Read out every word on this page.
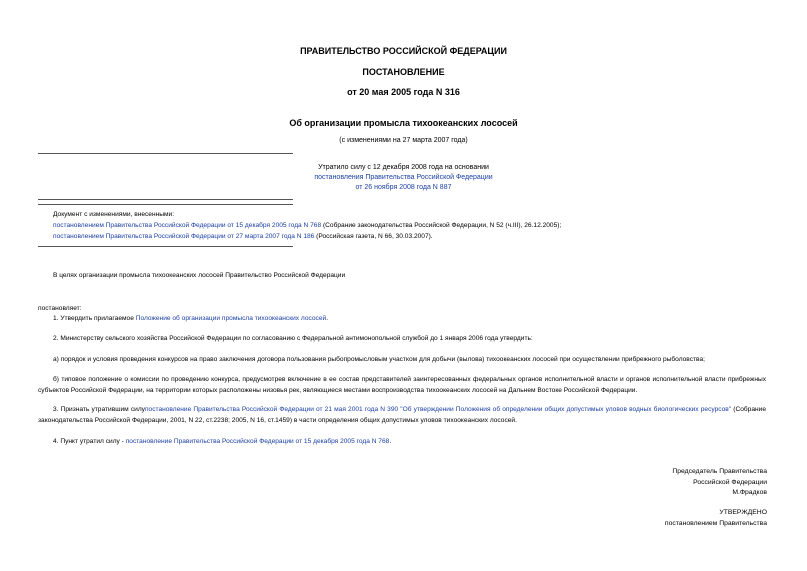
ПРАВИТЕЛЬСТВО РОССИЙСКОЙ ФЕДЕРАЦИИ
ПОСТАНОВЛЕНИЕ
от 20 мая 2005 года N 316
Об организации промысла тихоокеанских лососей
(с изменениями на 27 марта 2007 года)
Утратило силу с 12 декабря 2008 года на основании
постановления Правительства Российской Федерации
от 26 ноября 2008 года N 887
Документ с изменениями, внесенными:
постановлением Правительства Российской Федерации от 15 декабря 2005 года N 768 (Собрание законодательства Российской Федерации, N 52 (ч.III), 26.12.2005);
постановлением Правительства Российской Федерации от 27 марта 2007 года N 186 (Российская газета, N 66, 30.03.2007).
В целях организации промысла тихоокеанских лососей Правительство Российской Федерации
постановляет:
1. Утвердить прилагаемое Положение об организации промысла тихоокеанских лососей.
2. Министерству сельского хозяйства Российской Федерации по согласованию с Федеральной антимонопольной службой до 1 января 2006 года утвердить:
а) порядок и условия проведения конкурсов на право заключения договора пользования рыбопромысловым участком для добычи (вылова) тихоокеанских лососей при осуществлении прибрежного рыболовства;
б) типовое положение о комиссии по проведению конкурса, предусмотрев включение в ее состав представителей заинтересованных федеральных органов исполнительной власти и органов исполнительной власти прибрежных субъектов Российской Федерации, на территории которых расположены низовья рек, являющиеся местами воспроизводства тихоокеанских лососей на Дальнем Востоке Российской Федерации.
3. Признать утратившим силупостановление Правительства Российской Федерации от 21 мая 2001 года N 390 "Об утверждении Положения об определении общих допустимых уловов водных биологических ресурсов" (Собрание законодательства Российской Федерации, 2001, N 22, ст.2238; 2005, N 16, ст.1459) в части определения общих допустимых уловов тихоокеанских лососей.
4. Пункт утратил силу - постановление Правительства Российской Федерации от 15 декабря 2005 года N 768.
Председатель Правительства
Российской Федерации
М.Фрадков
УТВЕРЖДЕНО
постановлением Правительства
